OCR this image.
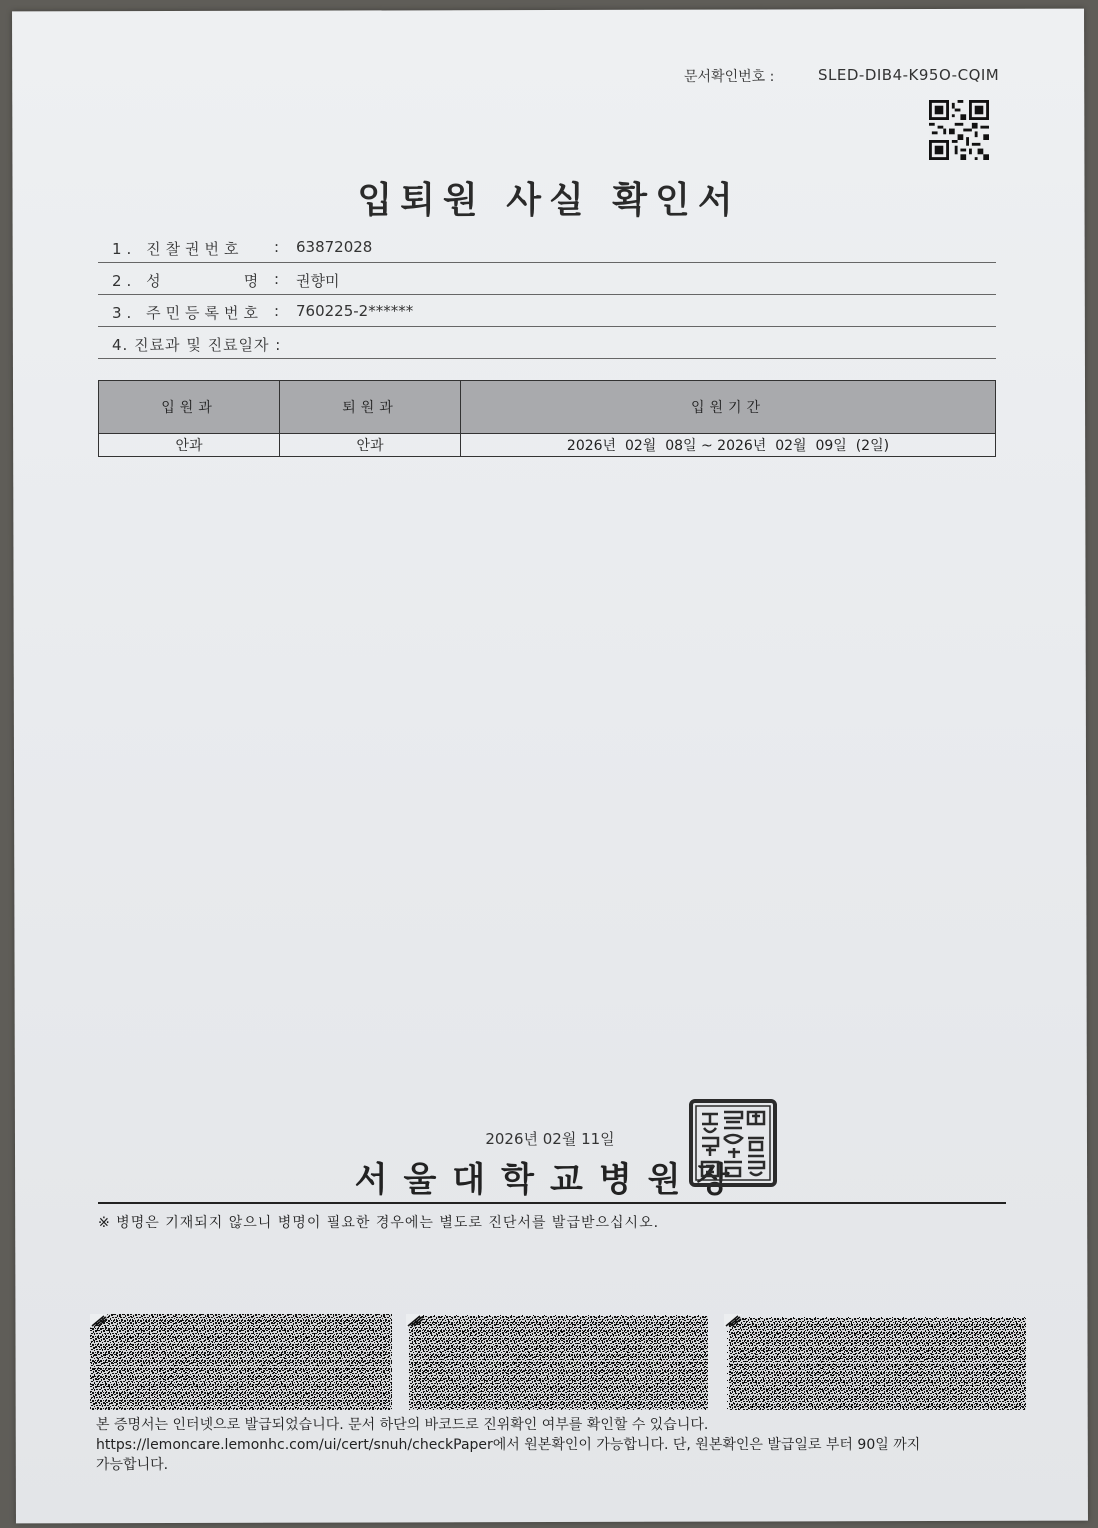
문서확인번호 :	SLED-DIB4-K95O-CQIM
입퇴원 사실 확인서
1. 진찰권번호 : 63872028
2. 성        명 : 권향미
3. 주민등록번호 : 760225-2******
4. 진료과 및 진료일자 :
입원과	퇴원과	입원기간
안과	안과	2026년  02월  08일 ~ 2026년  02월  09일  (2일)
2026년 02월 11일
서울대학교병원장
※ 병명은 기재되지 않으니 병명이 필요한 경우에는 별도로 진단서를 발급받으십시오.
본 증명서는 인터넷으로 발급되었습니다. 문서 하단의 바코드로 진위확인 여부를 확인할 수 있습니다.
https://lemoncare.lemonhc.com/ui/cert/snuh/checkPaper에서 원본확인이 가능합니다. 단, 원본확인은 발급일로 부터 90일 까지
가능합니다.
